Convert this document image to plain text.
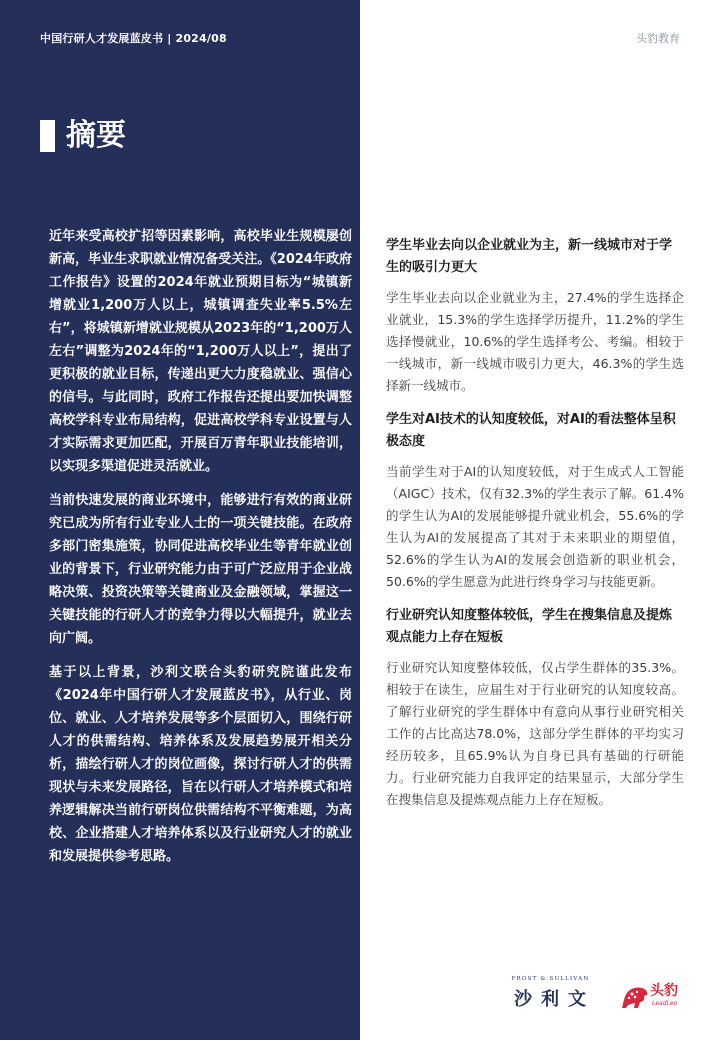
中国行研人才发展蓝皮书 | 2024/08	头豹教育
摘要

近年来受高校扩招等因素影响，高校毕业生规模屡创新高，毕业生求职就业情况备受关注。《2024年政府工作报告》设置的2024年就业预期目标为“城镇新增就业1,200万人以上，城镇调查失业率5.5%左右”，将城镇新增就业规模从2023年的“1,200万人左右”调整为2024年的“1,200万人以上”，提出了更积极的就业目标，传递出更大力度稳就业、强信心的信号。与此同时，政府工作报告还提出要加快调整高校学科专业布局结构，促进高校学科专业设置与人才实际需求更加匹配，开展百万青年职业技能培训，以实现多渠道促进灵活就业。

当前快速发展的商业环境中，能够进行有效的商业研究已成为所有行业专业人士的一项关键技能。在政府多部门密集施策，协同促进高校毕业生等青年就业创业的背景下，行业研究能力由于可广泛应用于企业战略决策、投资决策等关键商业及金融领域，掌握这一关键技能的行研人才的竞争力得以大幅提升，就业去向广阔。

基于以上背景，沙利文联合头豹研究院谨此发布《2024年中国行研人才发展蓝皮书》，从行业、岗位、就业、人才培养发展等多个层面切入，围绕行研人才的供需结构、培养体系及发展趋势展开相关分析，描绘行研人才的岗位画像，探讨行研人才的供需现状与未来发展路径，旨在以行研人才培养模式和培养逻辑解决当前行研岗位供需结构不平衡难题，为高校、企业搭建人才培养体系以及行业研究人才的就业和发展提供参考思路。

学生毕业去向以企业就业为主，新一线城市对于学生的吸引力更大
学生毕业去向以企业就业为主，27.4%的学生选择企业就业，15.3%的学生选择学历提升，11.2%的学生选择慢就业，10.6%的学生选择考公、考编。相较于一线城市，新一线城市吸引力更大，46.3%的学生选择新一线城市。
学生对AI技术的认知度较低，对AI的看法整体呈积极态度
当前学生对于AI的认知度较低，对于生成式人工智能（AIGC）技术，仅有32.3%的学生表示了解。61.4%的学生认为AI的发展能够提升就业机会，55.6%的学生认为AI的发展提高了其对于未来职业的期望值，52.6%的学生认为AI的发展会创造新的职业机会，50.6%的学生愿意为此进行终身学习与技能更新。
行业研究认知度整体较低，学生在搜集信息及提炼观点能力上存在短板
行业研究认知度整体较低，仅占学生群体的35.3%。相较于在读生，应届生对于行业研究的认知度较高。了解行业研究的学生群体中有意向从事行业研究相关工作的占比高达78.0%，这部分学生群体的平均实习经历较多，且65.9%认为自身已具有基础的行研能力。行业研究能力自我评定的结果显示，大部分学生在搜集信息及提炼观点能力上存在短板。
FROST & SULLIVAN
沙利文	头豹
LeadLeo
